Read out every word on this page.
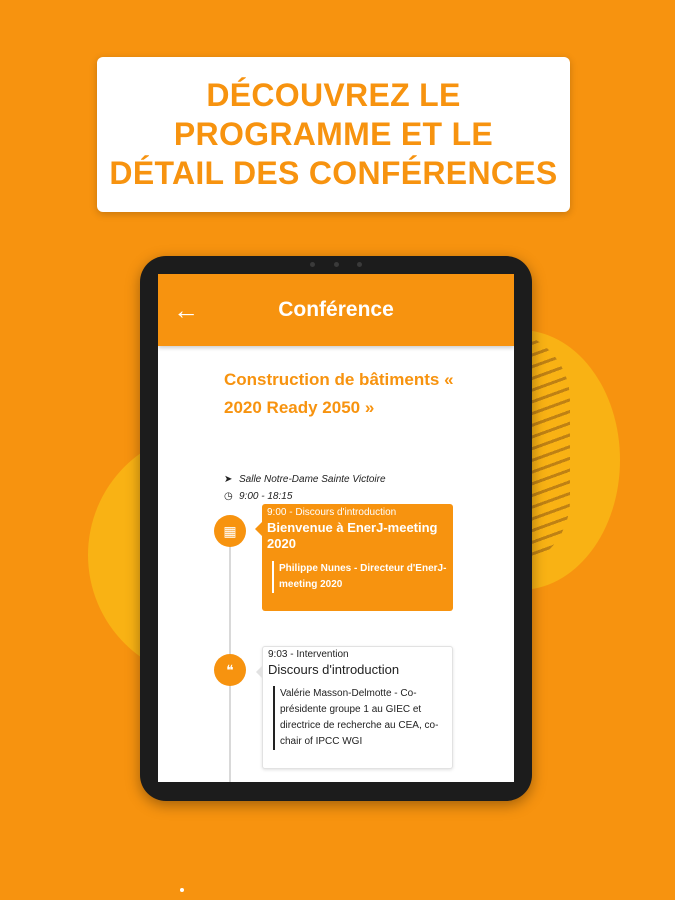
DÉCOUVREZ LE
PROGRAMME ET LE
DÉTAIL DES CONFÉRENCES
←	Conférence
Construction de bâtiments « 2020 Ready 2050 »
➤ Salle Notre-Dame Sainte Victoire
◷ 9:00 - 18:15
▦
9:00 - Discours d'introduction
Bienvenue à EnerJ-meeting 2020
Philippe Nunes - Directeur d'EnerJ-meeting 2020
❝
9:03 - Intervention
Discours d'introduction
Valérie Masson-Delmotte - Co-présidente groupe 1 au GIEC et directrice de recherche au CEA, co-chair of IPCC WGI
